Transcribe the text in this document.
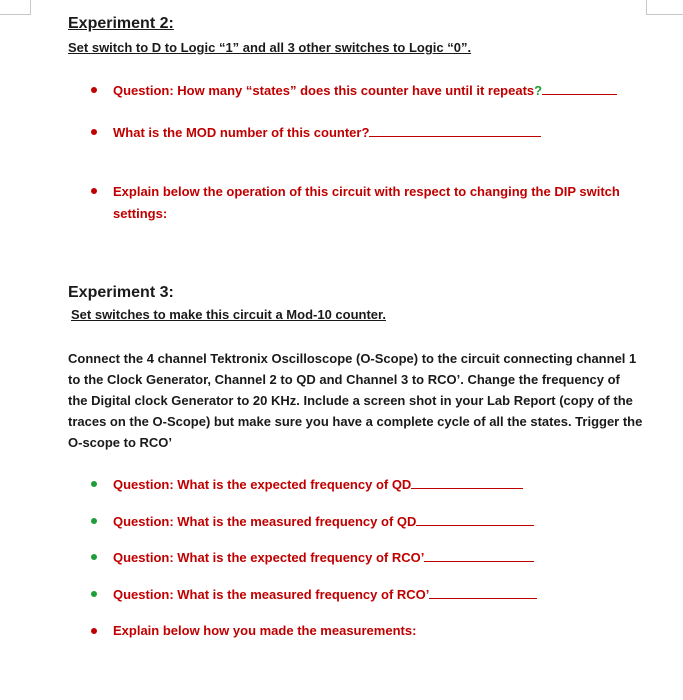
Experiment 2:
Set switch to D to Logic “1” and all 3 other switches to Logic “0”.
Question: How many “states” does this counter have until it repeats?
What is the MOD number of this counter?
Explain below the operation of this circuit with respect to changing the DIP switch
settings:
Experiment 3:
Set switches to make this circuit a Mod-10 counter.
Connect the 4 channel Tektronix Oscilloscope (O-Scope) to the circuit connecting channel 1
to the Clock Generator, Channel 2 to QD and Channel 3 to RCO’. Change the frequency of
the Digital clock Generator to 20 KHz. Include a screen shot in your Lab Report (copy of the
traces on the O-Scope) but make sure you have a complete cycle of all the states. Trigger the
O-scope to RCO’
Question: What is the expected frequency of QD
Question: What is the measured frequency of QD
Question: What is the expected frequency of RCO’
Question: What is the measured frequency of RCO’
Explain below how you made the measurements:
